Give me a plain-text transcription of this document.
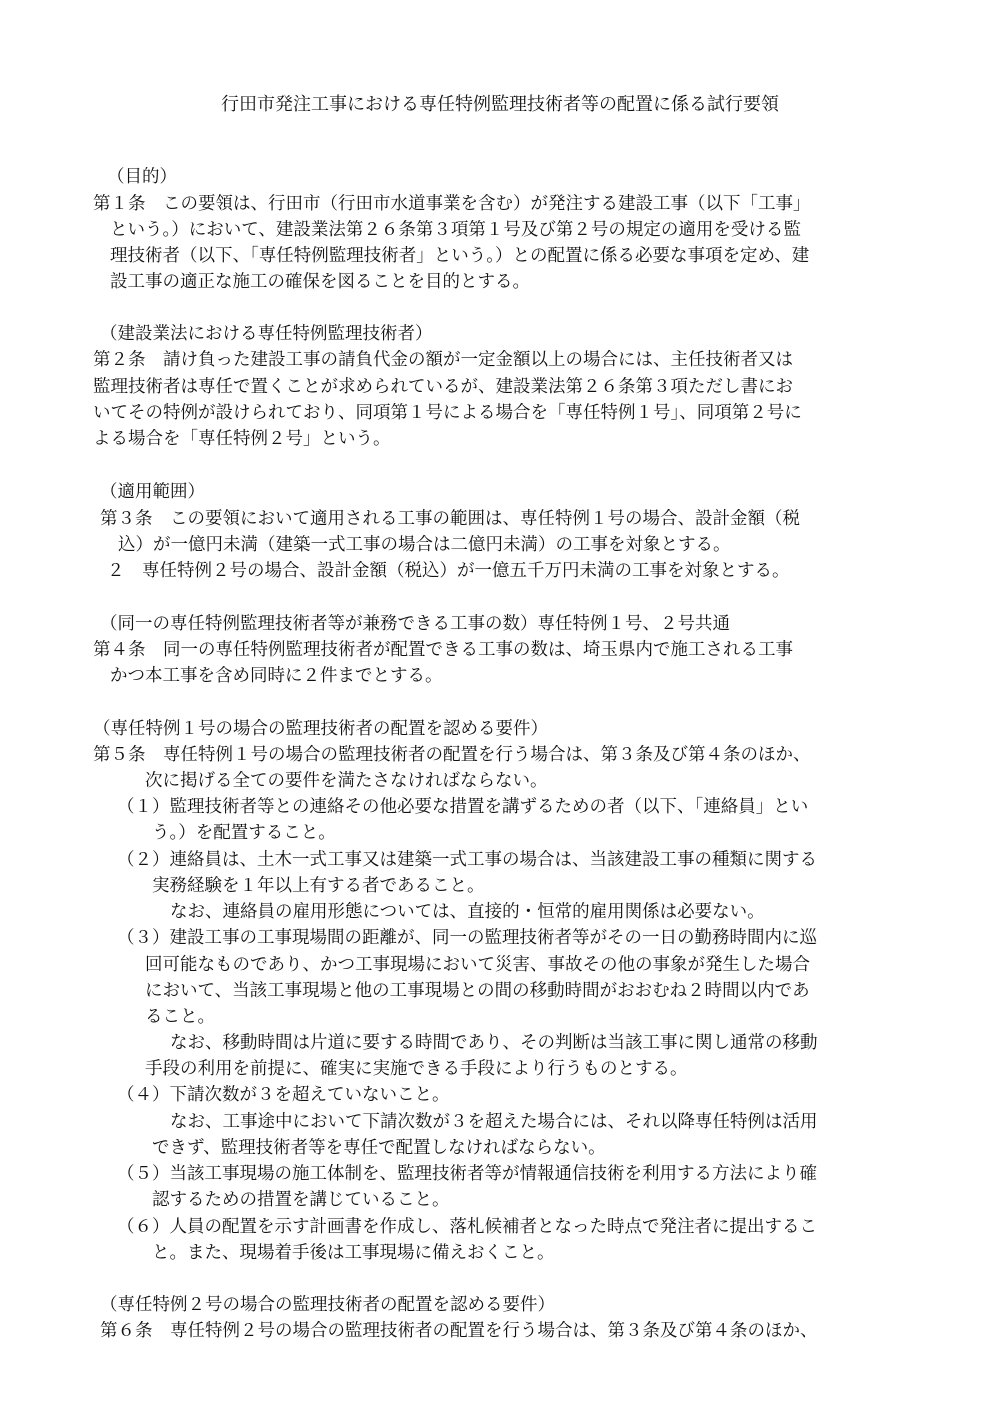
行田市発注工事における専任特例監理技術者等の配置に係る試行要領
（目的）
第１条　この要領は、行田市（行田市水道事業を含む）が発注する建設工事（以下「工事」
という。）において、建設業法第２６条第３項第１号及び第２号の規定の適用を受ける監
理技術者（以下、「専任特例監理技術者」という。）との配置に係る必要な事項を定め、建
設工事の適正な施工の確保を図ることを目的とする。
（建設業法における専任特例監理技術者）
第２条　請け負った建設工事の請負代金の額が一定金額以上の場合には、主任技術者又は
監理技術者は専任で置くことが求められているが、建設業法第２６条第３項ただし書にお
いてその特例が設けられており、同項第１号による場合を「専任特例１号」、同項第２号に
よる場合を「専任特例２号」という。
（適用範囲）
第３条　この要領において適用される工事の範囲は、専任特例１号の場合、設計金額（税
込）が一億円未満（建築一式工事の場合は二億円未満）の工事を対象とする。
２　専任特例２号の場合、設計金額（税込）が一億五千万円未満の工事を対象とする。
（同一の専任特例監理技術者等が兼務できる工事の数）専任特例１号、２号共通
第４条　同一の専任特例監理技術者が配置できる工事の数は、埼玉県内で施工される工事
かつ本工事を含め同時に２件までとする。
（専任特例１号の場合の監理技術者の配置を認める要件）
第５条　専任特例１号の場合の監理技術者の配置を行う場合は、第３条及び第４条のほか、
次に掲げる全ての要件を満たさなければならない。
（１）監理技術者等との連絡その他必要な措置を講ずるための者（以下、「連絡員」とい
う。）を配置すること。
（２）連絡員は、土木一式工事又は建築一式工事の場合は、当該建設工事の種類に関する
実務経験を１年以上有する者であること。
なお、連絡員の雇用形態については、直接的・恒常的雇用関係は必要ない。
（３）建設工事の工事現場間の距離が、同一の監理技術者等がその一日の勤務時間内に巡
回可能なものであり、かつ工事現場において災害、事故その他の事象が発生した場合
において、当該工事現場と他の工事現場との間の移動時間がおおむね２時間以内であ
ること。
なお、移動時間は片道に要する時間であり、その判断は当該工事に関し通常の移動
手段の利用を前提に、確実に実施できる手段により行うものとする。
（４）下請次数が３を超えていないこと。
なお、工事途中において下請次数が３を超えた場合には、それ以降専任特例は活用
できず、監理技術者等を専任で配置しなければならない。
（５）当該工事現場の施工体制を、監理技術者等が情報通信技術を利用する方法により確
認するための措置を講じていること。
（６）人員の配置を示す計画書を作成し、落札候補者となった時点で発注者に提出するこ
と。また、現場着手後は工事現場に備えおくこと。
（専任特例２号の場合の監理技術者の配置を認める要件）
第６条　専任特例２号の場合の監理技術者の配置を行う場合は、第３条及び第４条のほか、
